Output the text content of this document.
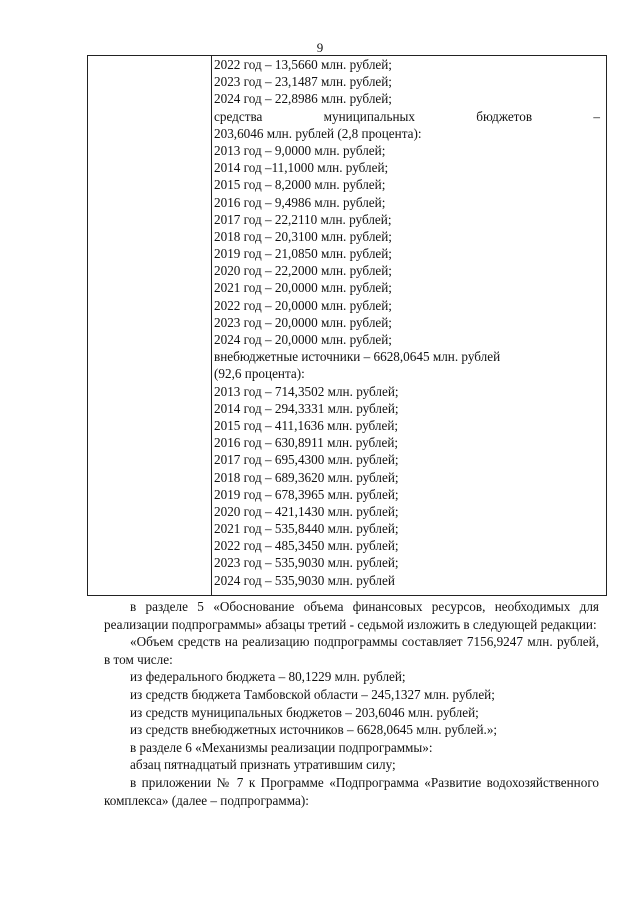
9
2022 год – 13,5660 млн. рублей;
2023 год – 23,1487 млн. рублей;
2024 год – 22,8986 млн. рублей;
средства муниципальных бюджетов –
203,6046 млн. рублей (2,8 процента):
2013 год – 9,0000 млн. рублей;
2014 год –11,1000 млн. рублей;
2015 год – 8,2000 млн. рублей;
2016 год – 9,4986 млн. рублей;
2017 год – 22,2110 млн. рублей;
2018 год – 20,3100 млн. рублей;
2019 год – 21,0850 млн. рублей;
2020 год – 22,2000 млн. рублей;
2021 год – 20,0000 млн. рублей;
2022 год – 20,0000 млн. рублей;
2023 год – 20,0000 млн. рублей;
2024 год – 20,0000 млн. рублей;
внебюджетные источники – 6628,0645 млн. рублей
(92,6 процента):
2013 год – 714,3502 млн. рублей;
2014 год – 294,3331 млн. рублей;
2015 год – 411,1636 млн. рублей;
2016 год – 630,8911 млн. рублей;
2017 год – 695,4300 млн. рублей;
2018 год – 689,3620 млн. рублей;
2019 год – 678,3965 млн. рублей;
2020 год – 421,1430 млн. рублей;
2021 год – 535,8440 млн. рублей;
2022 год – 485,3450 млн. рублей;
2023 год – 535,9030 млн. рублей;
2024 год – 535,9030 млн. рублей

в разделе 5 «Обоснование объема финансовых ресурсов, необходимых для реализации подпрограммы» абзацы третий - седьмой изложить в следующей редакции:

«Объем средств на реализацию подпрограммы составляет 7156,9247 млн. рублей, в том числе:

из федерального бюджета – 80,1229 млн. рублей;

из средств бюджета Тамбовской области – 245,1327 млн. рублей;

из средств муниципальных бюджетов – 203,6046 млн. рублей;

из средств внебюджетных источников – 6628,0645 млн. рублей.»;

в разделе 6 «Механизмы реализации подпрограммы»:

абзац пятнадцатый признать утратившим силу;

в приложении № 7 к Программе «Подпрограмма «Развитие водохозяйственного комплекса» (далее – подпрограмма):
